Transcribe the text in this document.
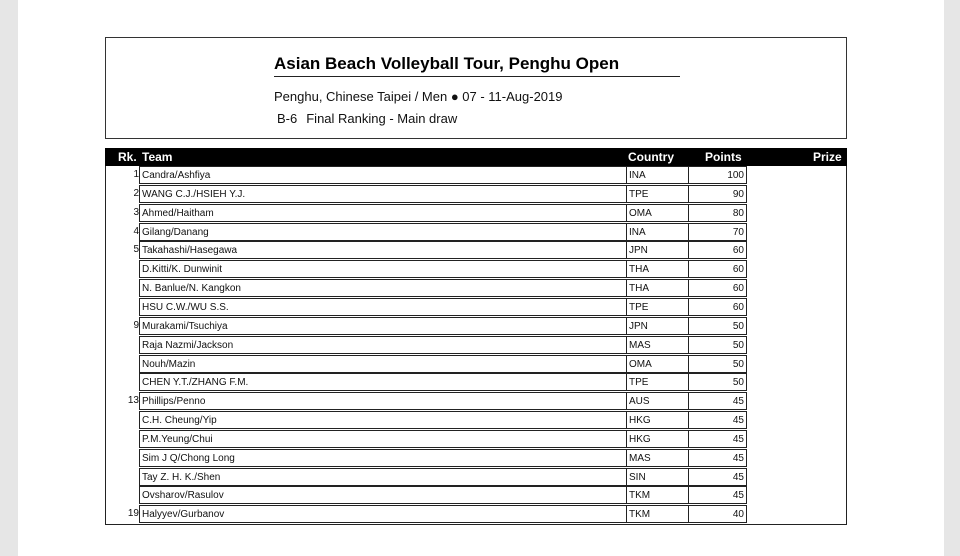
Asian Beach Volleyball Tour, Penghu Open
Penghu, Chinese Taipei / Men ● 07 - 11-Aug-2019
B-6 Final Ranking - Main draw
Rk. Team	Country	Points	Prize
1 Candra/Ashfiya	INA	100
2 WANG C.J./HSIEH Y.J.	TPE	90
3 Ahmed/Haitham	OMA	80
4 Gilang/Danang	INA	70
5 Takahashi/Hasegawa	JPN	60
D.Kitti/K. Dunwinit	THA	60
N. Banlue/N. Kangkon	THA	60
HSU C.W./WU S.S.	TPE	60
9 Murakami/Tsuchiya	JPN	50
Raja Nazmi/Jackson	MAS	50
Nouh/Mazin	OMA	50
CHEN Y.T./ZHANG F.M.	TPE	50
13 Phillips/Penno	AUS	45
C.H. Cheung/Yip	HKG	45
P.M.Yeung/Chui	HKG	45
Sim J Q/Chong Long	MAS	45
Tay Z. H. K./Shen	SIN	45
Ovsharov/Rasulov	TKM	45
19 Halyyev/Gurbanov	TKM	40
